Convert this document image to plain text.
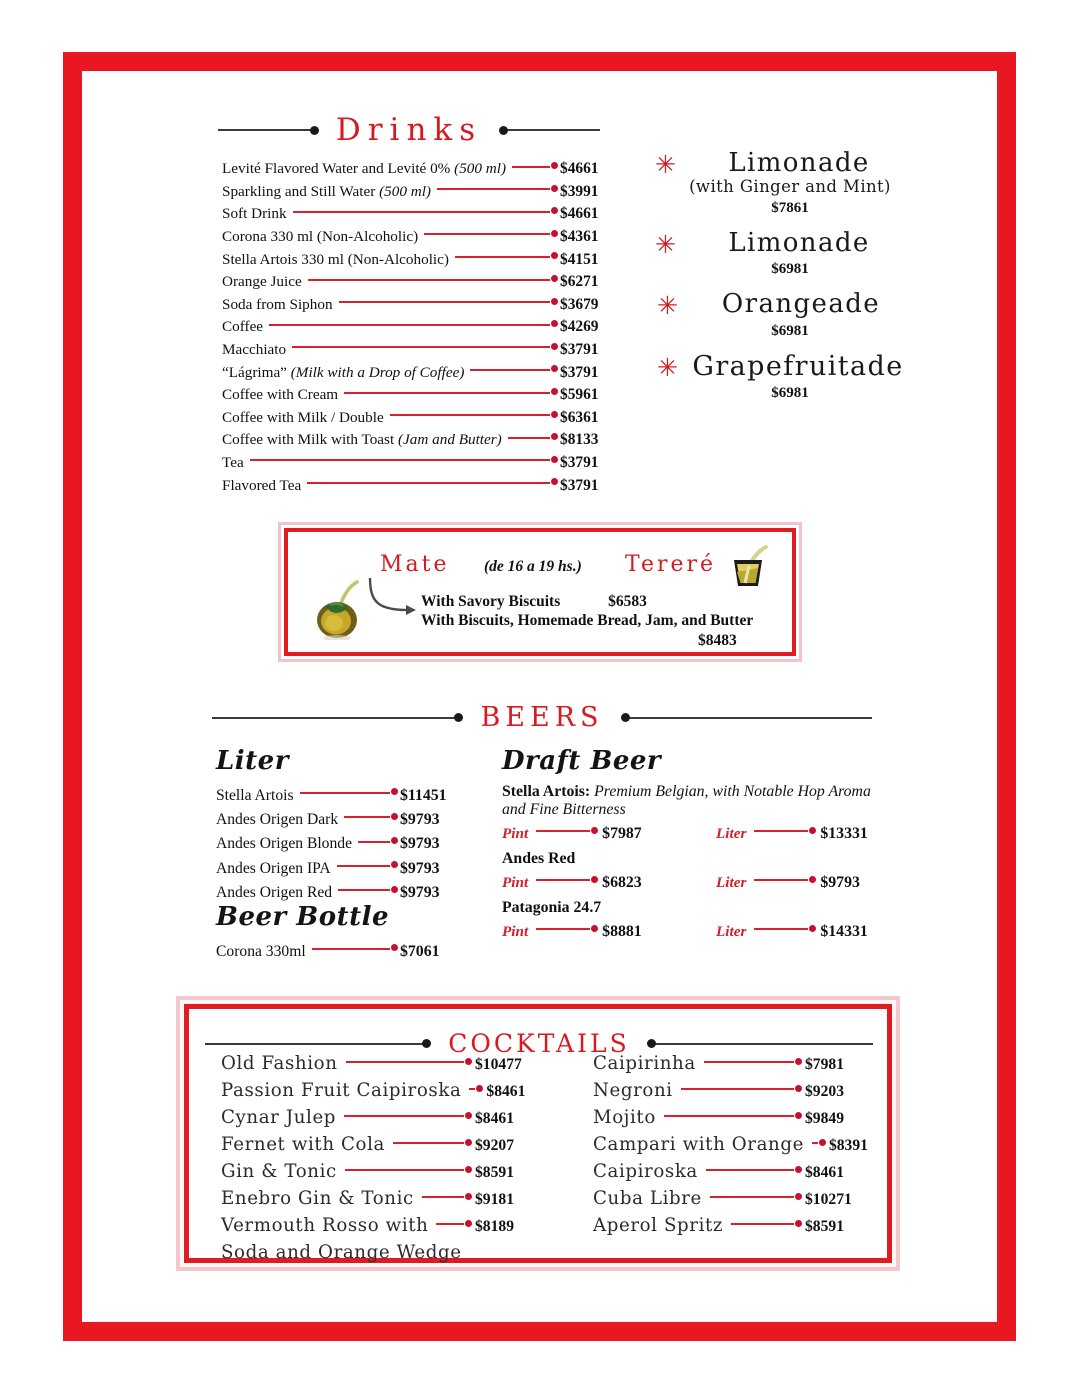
Drinks
Levité Flavored Water and Levité 0% (500 ml)	$4661
Sparkling and Still Water (500 ml)	$3991
Soft Drink	$4661
Corona 330 ml (Non-Alcoholic)	$4361
Stella Artois 330 ml (Non-Alcoholic)	$4151
Orange Juice	$6271
Soda from Siphon	$3679
Coffee	$4269
Macchiato	$3791
“Lágrima” (Milk with a Drop of Coffee)	$3791
Coffee with Cream	$5961
Coffee with Milk / Double	$6361
Coffee with Milk with Toast (Jam and Butter)	$8133
Tea	$3791
Flavored Tea	$3791
✳	Limonade
(with Ginger and Mint)
$7861
✳	Limonade
$6981
✳	Orangeade
$6981
✳ Grapefruitade
$6981
Mate (de 16 a 19 hs.) Tereré
With Savory Biscuits	$6583
With Biscuits, Homemade Bread, Jam, and Butter
$8483
BEERS
Liter
Stella Artois	$11451
Andes Origen Dark	$9793
Andes Origen Blonde	$9793
Andes Origen IPA	$9793
Andes Origen Red	$9793
Beer Bottle
Corona 330ml	$7061
Draft Beer
Stella Artois: Premium Belgian, with Notable Hop Aroma and Fine Bitterness
Pint	$7987	Liter	$13331
Andes Red
Pint	$6823	Liter	$9793
Patagonia 24.7
Pint	$8881	Liter	$14331
COCKTAILS
Old Fashion	$10477
Passion Fruit Caipiroska $8461
Cynar Julep	$8461
Fernet with Cola	$9207
Gin & Tonic	$8591
Enebro Gin & Tonic	$9181
Vermouth Rosso with	$8189
Soda and Orange Wedge
Caipirinha	$7981
Negroni	$9203
Mojito	$9849
Campari with Orange $8391
Caipiroska	$8461
Cuba Libre	$10271
Aperol Spritz	$8591
